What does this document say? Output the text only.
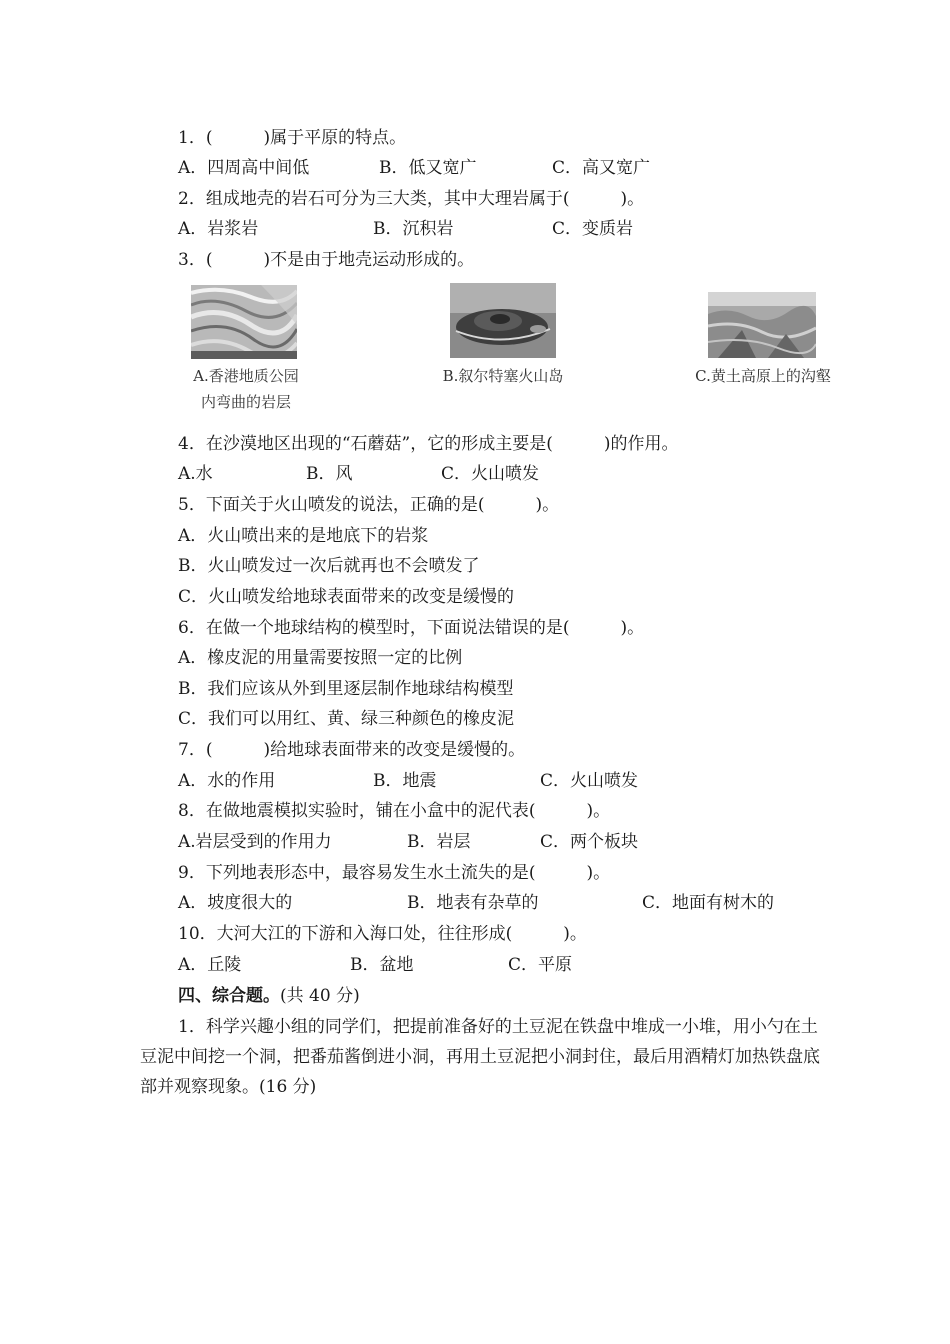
1．(　　　)属于平原的特点。
A．四周高中间低	B．低又宽广	C．高又宽广
2．组成地壳的岩石可分为三大类，其中大理岩属于(　　　)。
A．岩浆岩	B．沉积岩	C．变质岩
3．(　　　)不是由于地壳运动形成的。
A.香港地质公园
内弯曲的岩层
B.叙尔特塞火山岛	C.黄土高原上的沟壑
4．在沙漠地区出现的“石蘑菇”，它的形成主要是(　　　)的作用。
A.水	B．风	C．火山喷发
5．下面关于火山喷发的说法，正确的是(　　　)。
A．火山喷出来的是地底下的岩浆
B．火山喷发过一次后就再也不会喷发了
C．火山喷发给地球表面带来的改变是缓慢的
6．在做一个地球结构的模型时，下面说法错误的是(　　　)。
A．橡皮泥的用量需要按照一定的比例
B．我们应该从外到里逐层制作地球结构模型
C．我们可以用红、黄、绿三种颜色的橡皮泥
7．(　　　)给地球表面带来的改变是缓慢的。
A．水的作用	B．地震	C．火山喷发
8．在做地震模拟实验时，铺在小盒中的泥代表(　　　)。
A.岩层受到的作用力	B．岩层	C．两个板块
9．下列地表形态中，最容易发生水土流失的是(　　　)。
A．坡度很大的	B．地表有杂草的	C．地面有树木的
10．大河大江的下游和入海口处，往往形成(　　　)。
A．丘陵	B．盆地	C．平原
四、综合题。(共 40 分)
1．科学兴趣小组的同学们，把提前准备好的土豆泥在铁盘中堆成一小堆，用小勺在土豆泥中间挖一个洞，把番茄酱倒进小洞，再用土豆泥把小洞封住，最后用酒精灯加热铁盘底部并观察现象。(16 分)
